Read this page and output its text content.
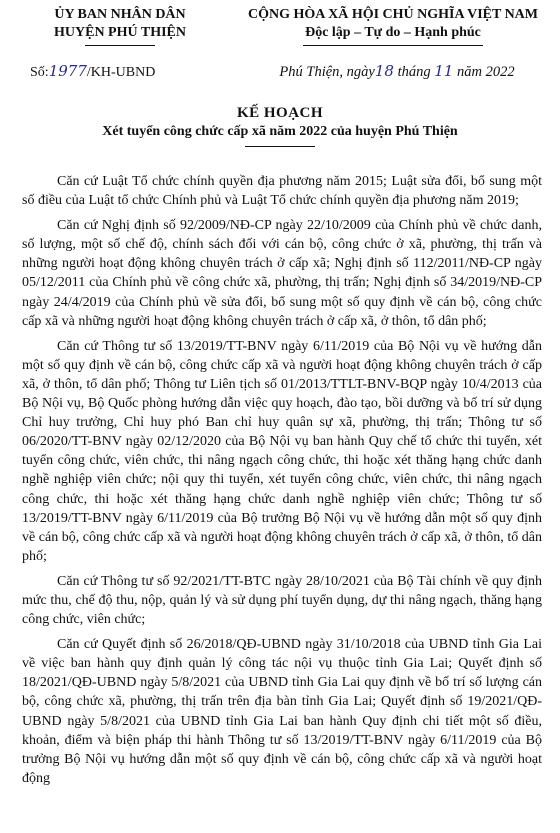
ỦY BAN NHÂN DÂN
HUYỆN PHÚ THIỆN
CỘNG HÒA XÃ HỘI CHỦ NGHĨA VIỆT NAM
Độc lập – Tự do – Hạnh phúc
Số:1977/KH-UBND	Phú Thiện, ngày18 tháng 11 năm 2022
KẾ HOẠCH
Xét tuyển công chức cấp xã năm 2022 của huyện Phú Thiện

Căn cứ Luật Tổ chức chính quyền địa phương năm 2015; Luật sửa đổi, bổ sung một số điều của Luật tổ chức Chính phủ và Luật Tổ chức chính quyền địa phương năm 2019;

Căn cứ Nghị định số 92/2009/NĐ-CP ngày 22/10/2009 của Chính phủ về chức danh, số lượng, một số chế độ, chính sách đối với cán bộ, công chức ở xã, phường, thị trấn và những người hoạt động không chuyên trách ở cấp xã; Nghị định số 112/2011/NĐ-CP ngày 05/12/2011 của Chính phủ về công chức xã, phường, thị trấn; Nghị định số 34/2019/NĐ-CP ngày 24/4/2019 của Chính phủ về sửa đổi, bổ sung một số quy định về cán bộ, công chức cấp xã và những người hoạt động không chuyên trách ở cấp xã, ở thôn, tổ dân phố;

Căn cứ Thông tư số 13/2019/TT-BNV ngày 6/11/2019 của Bộ Nội vụ về hướng dẫn một số quy định về cán bộ, công chức cấp xã và người hoạt động không chuyên trách ở cấp xã, ở thôn, tổ dân phố; Thông tư Liên tịch số 01/2013/TTLT-BNV-BQP ngày 10/4/2013 của Bộ Nội vụ, Bộ Quốc phòng hướng dẫn việc quy hoạch, đào tạo, bồi dưỡng và bố trí sử dụng Chỉ huy trưởng, Chỉ huy phó Ban chỉ huy quân sự xã, phường, thị trấn; Thông tư số 06/2020/TT-BNV ngày 02/12/2020 của Bộ Nội vụ ban hành Quy chế tổ chức thi tuyển, xét tuyển công chức, viên chức, thi nâng ngạch công chức, thi hoặc xét thăng hạng chức danh nghề nghiệp viên chức; nội quy thi tuyển, xét tuyển công chức, viên chức, thi nâng ngạch công chức, thi hoặc xét thăng hạng chức danh nghề nghiệp viên chức; Thông tư số 13/2019/TT-BNV ngày 6/11/2019 của Bộ trưởng Bộ Nội vụ về hướng dẫn một số quy định về cán bộ, công chức cấp xã và người hoạt động không chuyên trách ở cấp xã, ở thôn, tổ dân phố;

Căn cứ Thông tư số 92/2021/TT-BTC ngày 28/10/2021 của Bộ Tài chính về quy định mức thu, chế độ thu, nộp, quản lý và sử dụng phí tuyển dụng, dự thi nâng ngạch, thăng hạng công chức, viên chức;

Căn cứ Quyết định số 26/2018/QĐ-UBND ngày 31/10/2018 của UBND tỉnh Gia Lai về việc ban hành quy định quản lý công tác nội vụ thuộc tỉnh Gia Lai; Quyết định số 18/2021/QĐ-UBND ngày 5/8/2021 của UBND tỉnh Gia Lai quy định về bố trí số lượng cán bộ, công chức xã, phường, thị trấn trên địa bàn tỉnh Gia Lai; Quyết định số 19/2021/QĐ-UBND ngày 5/8/2021 của UBND tỉnh Gia Lai ban hành Quy định chi tiết một số điều, khoản, điểm và biện pháp thi hành Thông tư số 13/2019/TT-BNV ngày 6/11/2019 của Bộ trưởng Bộ Nội vụ hướng dẫn một số quy định về cán bộ, công chức cấp xã và người hoạt động
